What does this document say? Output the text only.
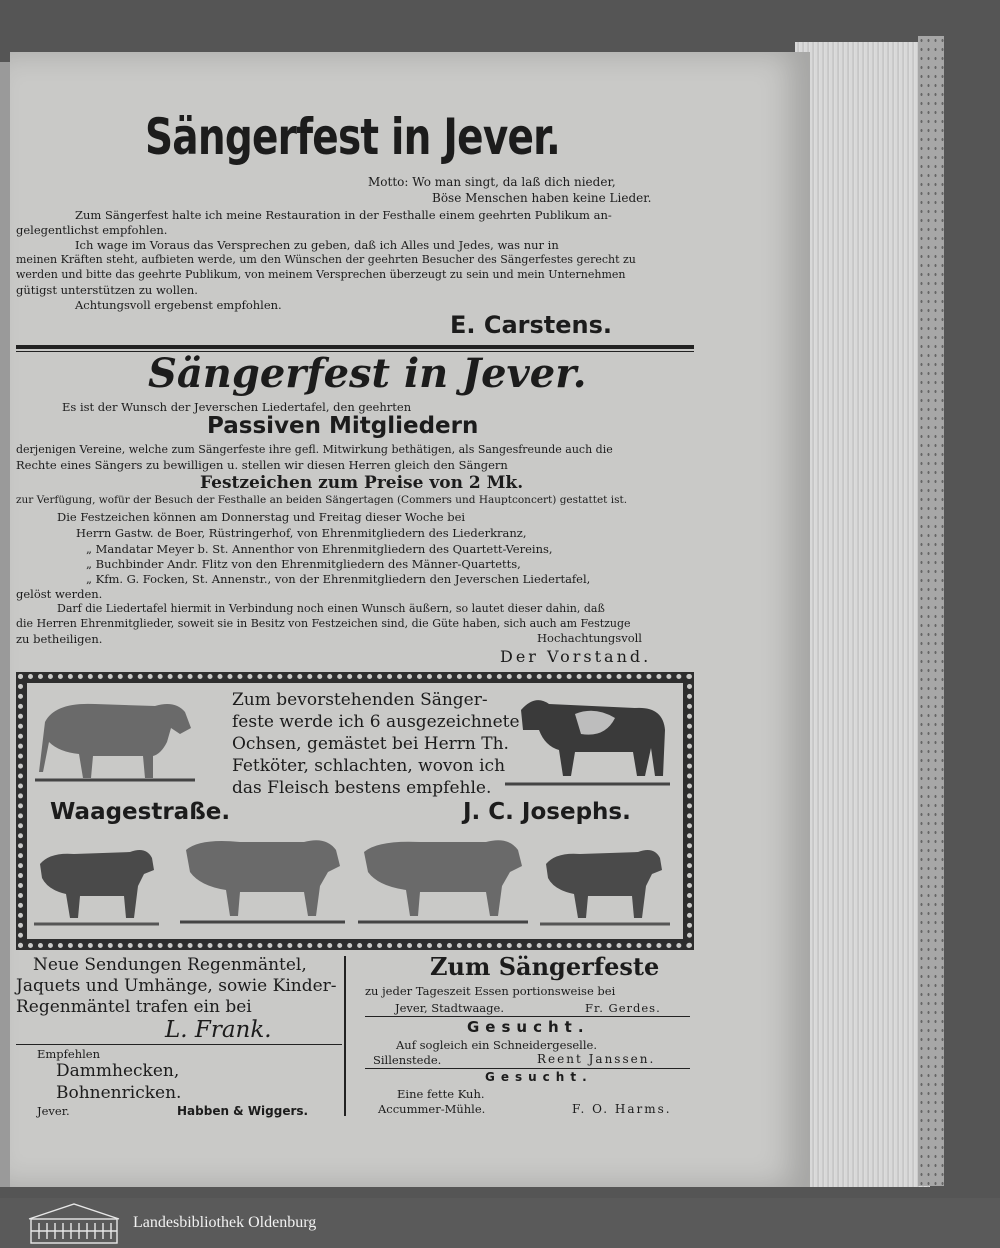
Sängerfest in Jever.
Motto: Wo man singt, da laß dich nieder,
Böse Menschen haben keine Lieder.
Zum Sängerfest halte ich meine Restauration in der Festhalle einem geehrten Publikum an-
gelegentlichst empfohlen.
Ich wage im Voraus das Versprechen zu geben, daß ich Alles und Jedes, was nur in
meinen Kräften steht, aufbieten werde, um den Wünschen der geehrten Besucher des Sängerfestes gerecht zu
werden und bitte das geehrte Publikum, von meinem Versprechen überzeugt zu sein und mein Unternehmen
gütigst unterstützen zu wollen.
Achtungsvoll ergebenst empfohlen.
E. Carstens.
Sängerfest in Jever.
Es ist der Wunsch der Jeverschen Liedertafel, den geehrten
Passiven Mitgliedern
derjenigen Vereine, welche zum Sängerfeste ihre gefl. Mitwirkung bethätigen, als Sangesfreunde auch die
Rechte eines Sängers zu bewilligen u. stellen wir diesen Herren gleich den Sängern
Festzeichen zum Preise von 2 Mk.
zur Verfügung, wofür der Besuch der Festhalle an beiden Sängertagen (Commers und Hauptconcert) gestattet ist.
Die Festzeichen können am Donnerstag und Freitag dieser Woche bei
Herrn Gastw. de Boer, Rüstringerhof, von Ehrenmitgliedern des Liederkranz,
„ Mandatar Meyer b. St. Annenthor von Ehrenmitgliedern des Quartett-Vereins,
„ Buchbinder Andr. Flitz von den Ehrenmitgliedern des Männer-Quartetts,
„ Kfm. G. Focken, St. Annenstr., von der Ehrenmitgliedern den Jeverschen Liedertafel,
gelöst werden.
Darf die Liedertafel hiermit in Verbindung noch einen Wunsch äußern, so lautet dieser dahin, daß
die Herren Ehrenmitglieder, soweit sie in Besitz von Festzeichen sind, die Güte haben, sich auch am Festzuge
zu betheiligen.	Hochachtungsvoll
Der Vorstand.
Zum bevorstehenden Sänger-
feste werde ich 6 ausgezeichnete
Ochsen, gemästet bei Herrn Th.
Fetköter, schlachten, wovon ich
das Fleisch bestens empfehle.
Waagestraße.	J. C. Josephs.
Neue Sendungen Regenmäntel,
Jaquets und Umhänge, sowie Kinder-
Regenmäntel trafen ein bei
L. Frank.
Empfehlen
Dammhecken,
Bohnenricken.
Jever.	Habben & Wiggers.
Zum Sängerfeste
zu jeder Tageszeit Essen portionsweise bei
Jever, Stadtwaage.	Fr. Gerdes.
Gesucht.
Auf sogleich ein Schneidergeselle.
Sillenstede.	Reent Janssen.
Gesucht.
Eine fette Kuh.
Accummer-Mühle.	F. O. Harms.
Landesbibliothek Oldenburg
